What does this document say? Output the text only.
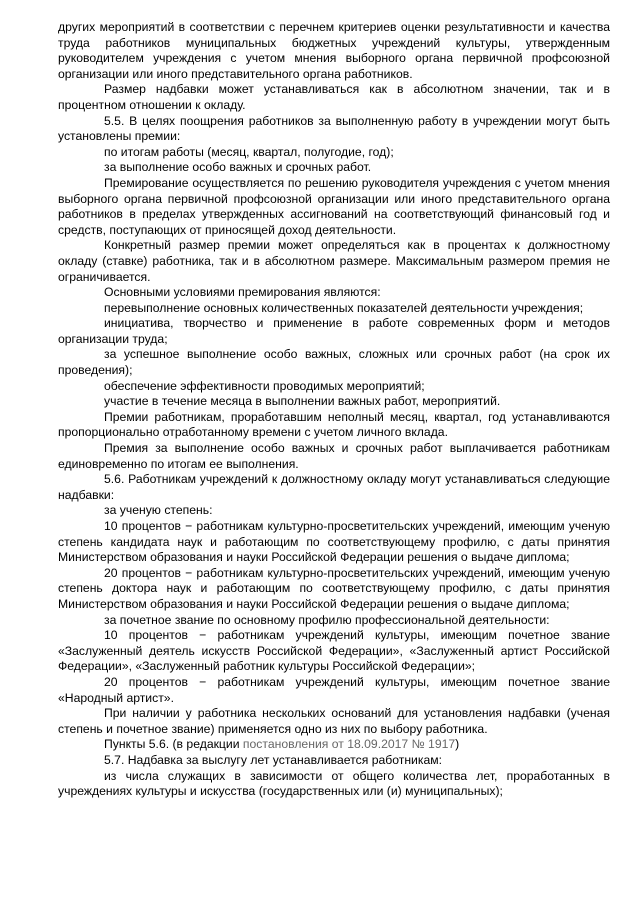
других мероприятий в соответствии с перечнем критериев оценки результативности и качества труда работников муниципальных бюджетных учреждений культуры, утвержденным руководителем учреждения с учетом мнения выборного органа первичной профсоюзной организации или иного представительного органа работников.

Размер надбавки может устанавливаться как в абсолютном значении, так и в процентном отношении к окладу.

5.5. В целях поощрения работников за выполненную работу в учреждении могут быть установлены премии:

по итогам работы (месяц, квартал, полугодие, год);

за выполнение особо важных и срочных работ.

Премирование осуществляется по решению руководителя учреждения с учетом мнения выборного органа первичной профсоюзной организации или иного представительного органа работников в пределах утвержденных ассигнований на соответствующий финансовый год и средств, поступающих от приносящей доход деятельности.

Конкретный размер премии может определяться как в процентах к должностному окладу (ставке) работника, так и в абсолютном размере. Максимальным размером премия не ограничивается.

Основными условиями премирования являются:

перевыполнение основных количественных показателей деятельности учреждения;

инициатива, творчество и применение в работе современных форм и методов организации труда;

за успешное выполнение особо важных, сложных или срочных работ (на срок их проведения);

обеспечение эффективности проводимых мероприятий;

участие в течение месяца в выполнении важных работ, мероприятий.

Премии работникам, проработавшим неполный месяц, квартал, год устанавливаются пропорционально отработанному времени с учетом личного вклада.

Премия за выполнение особо важных и срочных работ выплачивается работникам единовременно по итогам ее выполнения.

5.6. Работникам учреждений к должностному окладу могут устанавливаться следующие надбавки:

за ученую степень:

10 процентов − работникам культурно-просветительских учреждений, имеющим ученую степень кандидата наук и работающим по соответствующему профилю, с даты принятия Министерством образования и науки Российской Федерации решения о выдаче диплома;

20 процентов − работникам культурно-просветительских учреждений, имеющим ученую степень доктора наук и работающим по соответствующему профилю, с даты принятия Министерством образования и науки Российской Федерации решения о выдаче диплома;

за почетное звание по основному профилю профессиональной деятельности:

10 процентов − работникам учреждений культуры, имеющим почетное звание «Заслуженный деятель искусств Российской Федерации», «Заслуженный артист Российской Федерации», «Заслуженный работник культуры Российской Федерации»;

20 процентов − работникам учреждений культуры, имеющим почетное звание «Народный артист».

При наличии у работника нескольких оснований для установления надбавки (ученая степень и почетное звание) применяется одно из них по выбору работника.

Пункты 5.6. (в редакции постановления от 18.09.2017 № 1917)

5.7. Надбавка за выслугу лет устанавливается работникам:

из числа служащих в зависимости от общего количества лет, проработанных в учреждениях культуры и искусства (государственных или (и) муниципальных);
